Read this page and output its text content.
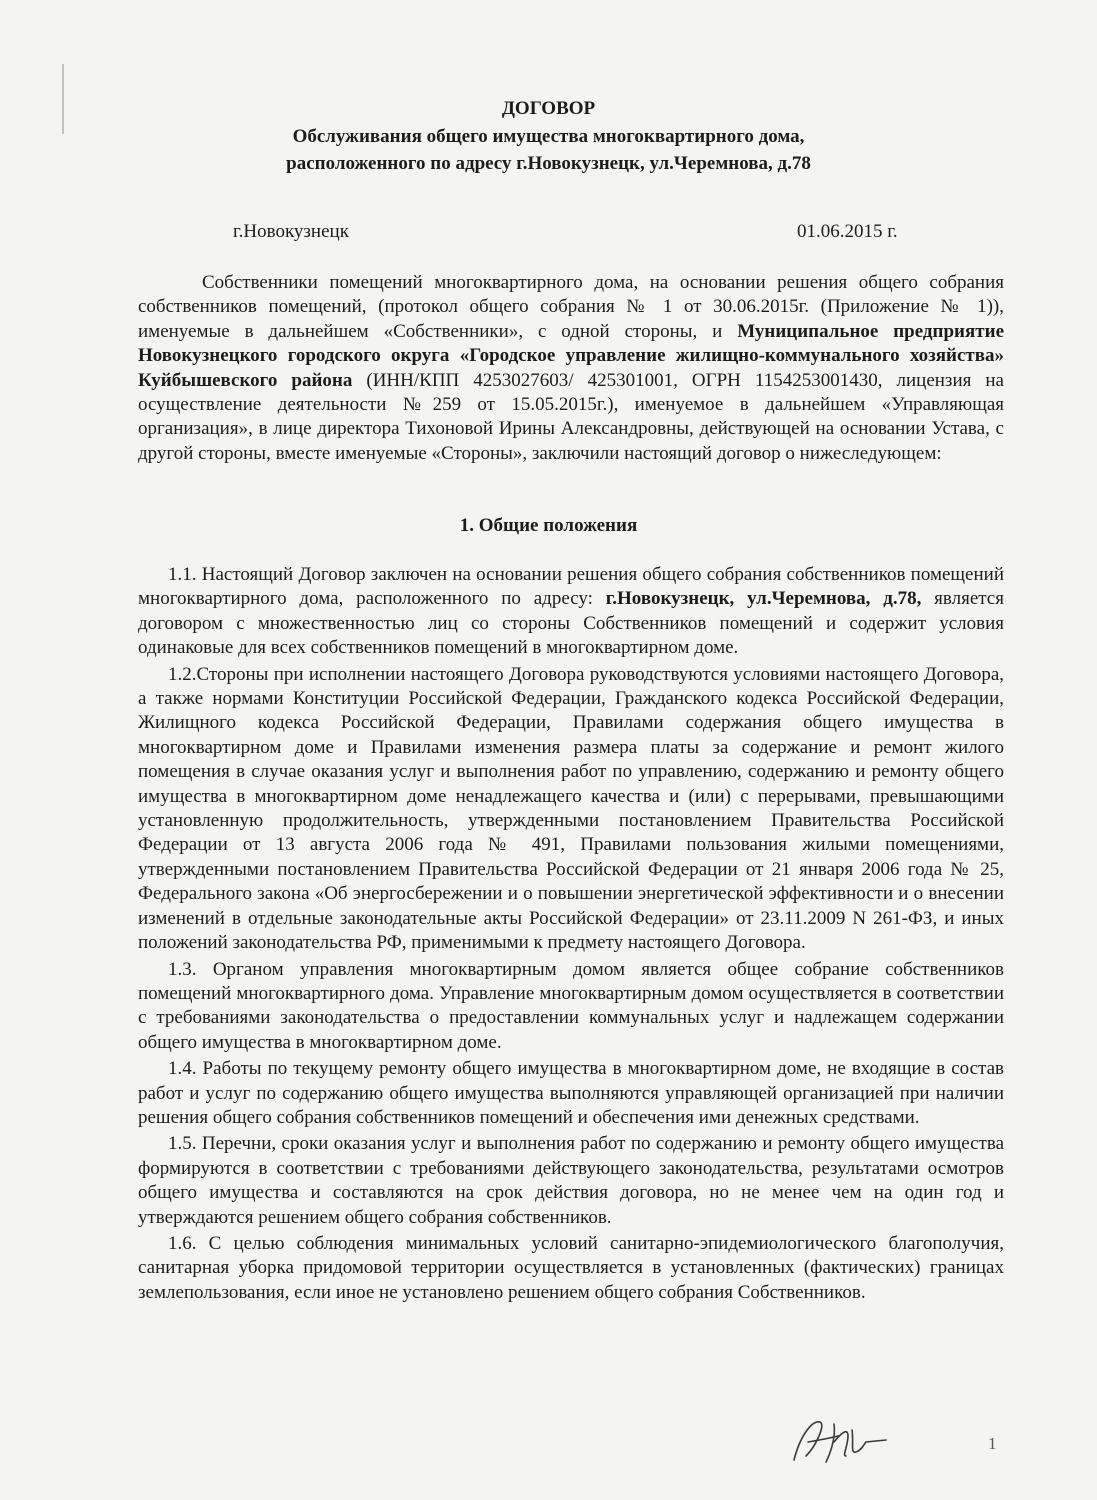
ДОГОВОР
Обслуживания общего имущества многоквартирного дома,
расположенного по адресу г.Новокузнецк, ул.Черемнова, д.78
г.Новокузнецк	01.06.2015 г.

Собственники помещений многоквартирного дома, на основании решения общего собрания собственников помещений, (протокол общего собрания № 1 от 30.06.2015г. (Приложение № 1)), именуемые в дальнейшем «Собственники», с одной стороны, и Муниципальное предприятие Новокузнецкого городского округа «Городское управление жилищно-коммунального хозяйства» Куйбышевского района (ИНН/КПП 4253027603/ 425301001, ОГРН 1154253001430, лицензия на осуществление деятельности №259 от 15.05.2015г.), именуемое в дальнейшем «Управляющая организация», в лице директора Тихоновой Ирины Александровны, действующей на основании Устава, с другой стороны, вместе именуемые «Стороны», заключили настоящий договор о нижеследующем:

1. Общие положения

1.1. Настоящий Договор заключен на основании решения общего собрания собственников помещений многоквартирного дома, расположенного по адресу: г.Новокузнецк, ул.Черемнова, д.78, является договором с множественностью лиц со стороны Собственников помещений и содержит условия одинаковые для всех собственников помещений в многоквартирном доме.

1.2.Стороны при исполнении настоящего Договора руководствуются условиями настоящего Договора, а также нормами Конституции Российской Федерации, Гражданского кодекса Российской Федерации, Жилищного кодекса Российской Федерации, Правилами содержания общего имущества в многоквартирном доме и Правилами изменения размера платы за содержание и ремонт жилого помещения в случае оказания услуг и выполнения работ по управлению, содержанию и ремонту общего имущества в многоквартирном доме ненадлежащего качества и (или) с перерывами, превышающими установленную продолжительность, утвержденными постановлением Правительства Российской Федерации от 13 августа 2006 года № 491, Правилами пользования жилыми помещениями, утвержденными постановлением Правительства Российской Федерации от 21 января 2006 года № 25, Федерального закона «Об энергосбережении и о повышении энергетической эффективности и о внесении изменений в отдельные законодательные акты Российской Федерации» от 23.11.2009 N 261-ФЗ, и иных положений законодательства РФ, применимыми к предмету настоящего Договора.

1.3. Органом управления многоквартирным домом является общее собрание собственников помещений многоквартирного дома. Управление многоквартирным домом осуществляется в соответствии с требованиями законодательства о предоставлении коммунальных услуг и надлежащем содержании общего имущества в многоквартирном доме.

1.4. Работы по текущему ремонту общего имущества в многоквартирном доме, не входящие в состав работ и услуг по содержанию общего имущества выполняются управляющей организацией при наличии решения общего собрания собственников помещений и обеспечения ими денежных средствами.

1.5. Перечни, сроки оказания услуг и выполнения работ по содержанию и ремонту общего имущества формируются в соответствии с требованиями действующего законодательства, результатами осмотров общего имущества и составляются на срок действия договора, но не менее чем на один год и утверждаются решением общего собрания собственников.

1.6. С целью соблюдения минимальных условий санитарно-эпидемиологического благополучия, санитарная уборка придомовой территории осуществляется в установленных (фактических) границах землепользования, если иное не установлено решением общего собрания Собственников.

1
